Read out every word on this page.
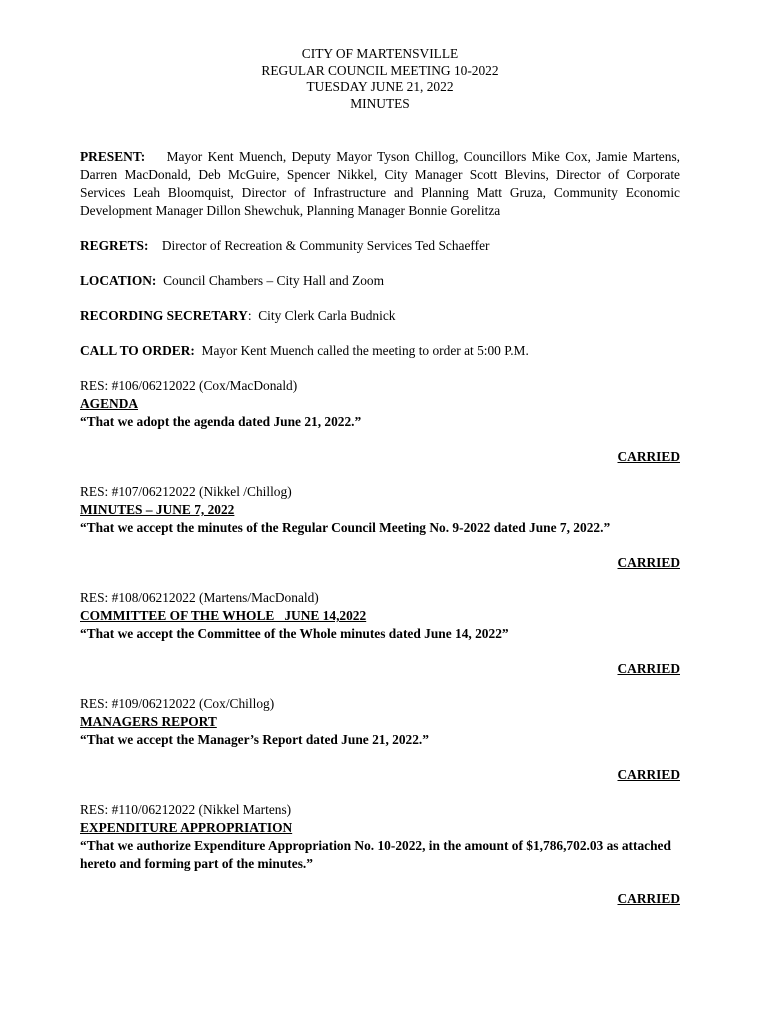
CITY OF MARTENSVILLE
REGULAR COUNCIL MEETING 10-2022
TUESDAY JUNE 21, 2022
MINUTES
PRESENT: Mayor Kent Muench, Deputy Mayor Tyson Chillog, Councillors Mike Cox, Jamie Martens, Darren MacDonald, Deb McGuire, Spencer Nikkel, City Manager Scott Blevins, Director of Corporate Services Leah Bloomquist, Director of Infrastructure and Planning Matt Gruza, Community Economic Development Manager Dillon Shewchuk, Planning Manager Bonnie Gorelitza
REGRETS: Director of Recreation & Community Services Ted Schaeffer
LOCATION: Council Chambers – City Hall and Zoom
RECORDING SECRETARY: City Clerk Carla Budnick
CALL TO ORDER: Mayor Kent Muench called the meeting to order at 5:00 P.M.
RES: #106/06212022 (Cox/MacDonald)
AGENDA
“That we adopt the agenda dated June 21, 2022.”
CARRIED
RES: #107/06212022 (Nikkel /Chillog)
MINUTES – JUNE 7, 2022
“That we accept the minutes of the Regular Council Meeting No. 9-2022 dated June 7, 2022.”
CARRIED
RES: #108/06212022 (Martens/MacDonald)
COMMITTEE OF THE WHOLE   JUNE 14,2022
“That we accept the Committee of the Whole minutes dated June 14, 2022”
CARRIED
RES: #109/06212022 (Cox/Chillog)
MANAGERS REPORT
“That we accept the Manager’s Report dated June 21, 2022.”
CARRIED
RES: #110/06212022 (Nikkel Martens)
EXPENDITURE APPROPRIATION
“That we authorize Expenditure Appropriation No. 10-2022, in the amount of $1,786,702.03 as attached hereto and forming part of the minutes.”
CARRIED
